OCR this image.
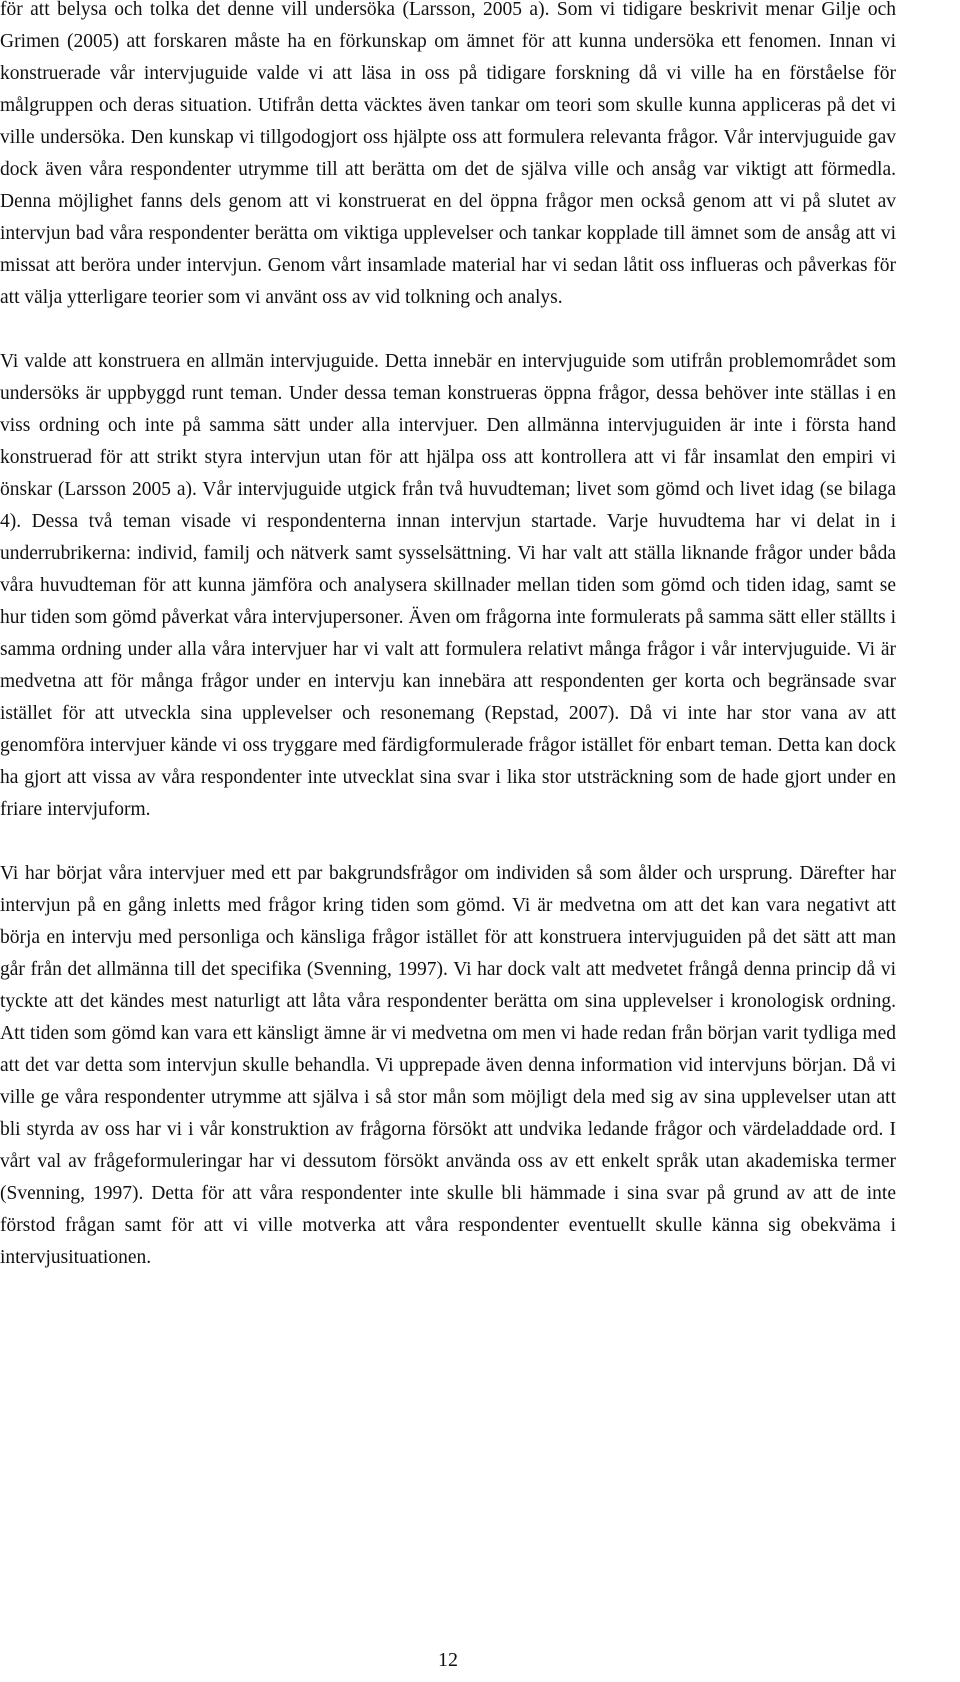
för att belysa och tolka det denne vill undersöka (Larsson, 2005 a). Som vi tidigare beskrivit menar Gilje och Grimen (2005) att forskaren måste ha en förkunskap om ämnet för att kunna undersöka ett fenomen. Innan vi konstruerade vår intervjuguide valde vi att läsa in oss på tidigare forskning då vi ville ha en förståelse för målgruppen och deras situation. Utifrån detta väcktes även tankar om teori som skulle kunna appliceras på det vi ville undersöka. Den kunskap vi tillgodogjort oss hjälpte oss att formulera relevanta frågor. Vår intervjuguide gav dock även våra respondenter utrymme till att berätta om det de själva ville och ansåg var viktigt att förmedla. Denna möjlighet fanns dels genom att vi konstruerat en del öppna frågor men också genom att vi på slutet av intervjun bad våra respondenter berätta om viktiga upplevelser och tankar kopplade till ämnet som de ansåg att vi missat att beröra under intervjun. Genom vårt insamlade material har vi sedan låtit oss influeras och påverkas för att välja ytterligare teorier som vi använt oss av vid tolkning och analys.

Vi valde att konstruera en allmän intervjuguide. Detta innebär en intervjuguide som utifrån problemområdet som undersöks är uppbyggd runt teman. Under dessa teman konstrueras öppna frågor, dessa behöver inte ställas i en viss ordning och inte på samma sätt under alla intervjuer. Den allmänna intervjuguiden är inte i första hand konstruerad för att strikt styra intervjun utan för att hjälpa oss att kontrollera att vi får insamlat den empiri vi önskar (Larsson 2005 a). Vår intervjuguide utgick från två huvudteman; livet som gömd och livet idag (se bilaga 4). Dessa två teman visade vi respondenterna innan intervjun startade. Varje huvudtema har vi delat in i underrubrikerna: individ, familj och nätverk samt sysselsättning. Vi har valt att ställa liknande frågor under båda våra huvudteman för att kunna jämföra och analysera skillnader mellan tiden som gömd och tiden idag, samt se hur tiden som gömd påverkat våra intervjupersoner. Även om frågorna inte formulerats på samma sätt eller ställts i samma ordning under alla våra intervjuer har vi valt att formulera relativt många frågor i vår intervjuguide. Vi är medvetna att för många frågor under en intervju kan innebära att respondenten ger korta och begränsade svar istället för att utveckla sina upplevelser och resonemang (Repstad, 2007). Då vi inte har stor vana av att genomföra intervjuer kände vi oss tryggare med färdigformulerade frågor istället för enbart teman. Detta kan dock ha gjort att vissa av våra respondenter inte utvecklat sina svar i lika stor utsträckning som de hade gjort under en friare intervjuform.

Vi har börjat våra intervjuer med ett par bakgrundsfrågor om individen så som ålder och ursprung. Därefter har intervjun på en gång inletts med frågor kring tiden som gömd. Vi är medvetna om att det kan vara negativt att börja en intervju med personliga och känsliga frågor istället för att konstruera intervjuguiden på det sätt att man går från det allmänna till det specifika (Svenning, 1997). Vi har dock valt att medvetet frångå denna princip då vi tyckte att det kändes mest naturligt att låta våra respondenter berätta om sina upplevelser i kronologisk ordning. Att tiden som gömd kan vara ett känsligt ämne är vi medvetna om men vi hade redan från början varit tydliga med att det var detta som intervjun skulle behandla. Vi upprepade även denna information vid intervjuns början. Då vi ville ge våra respondenter utrymme att själva i så stor mån som möjligt dela med sig av sina upplevelser utan att bli styrda av oss har vi i vår konstruktion av frågorna försökt att undvika ledande frågor och värdeladdade ord. I vårt val av frågeformuleringar har vi dessutom försökt använda oss av ett enkelt språk utan akademiska termer (Svenning, 1997). Detta för att våra respondenter inte skulle bli hämmade i sina svar på grund av att de inte förstod frågan samt för att vi ville motverka att våra respondenter eventuellt skulle känna sig obekväma i intervjusituationen.

12
